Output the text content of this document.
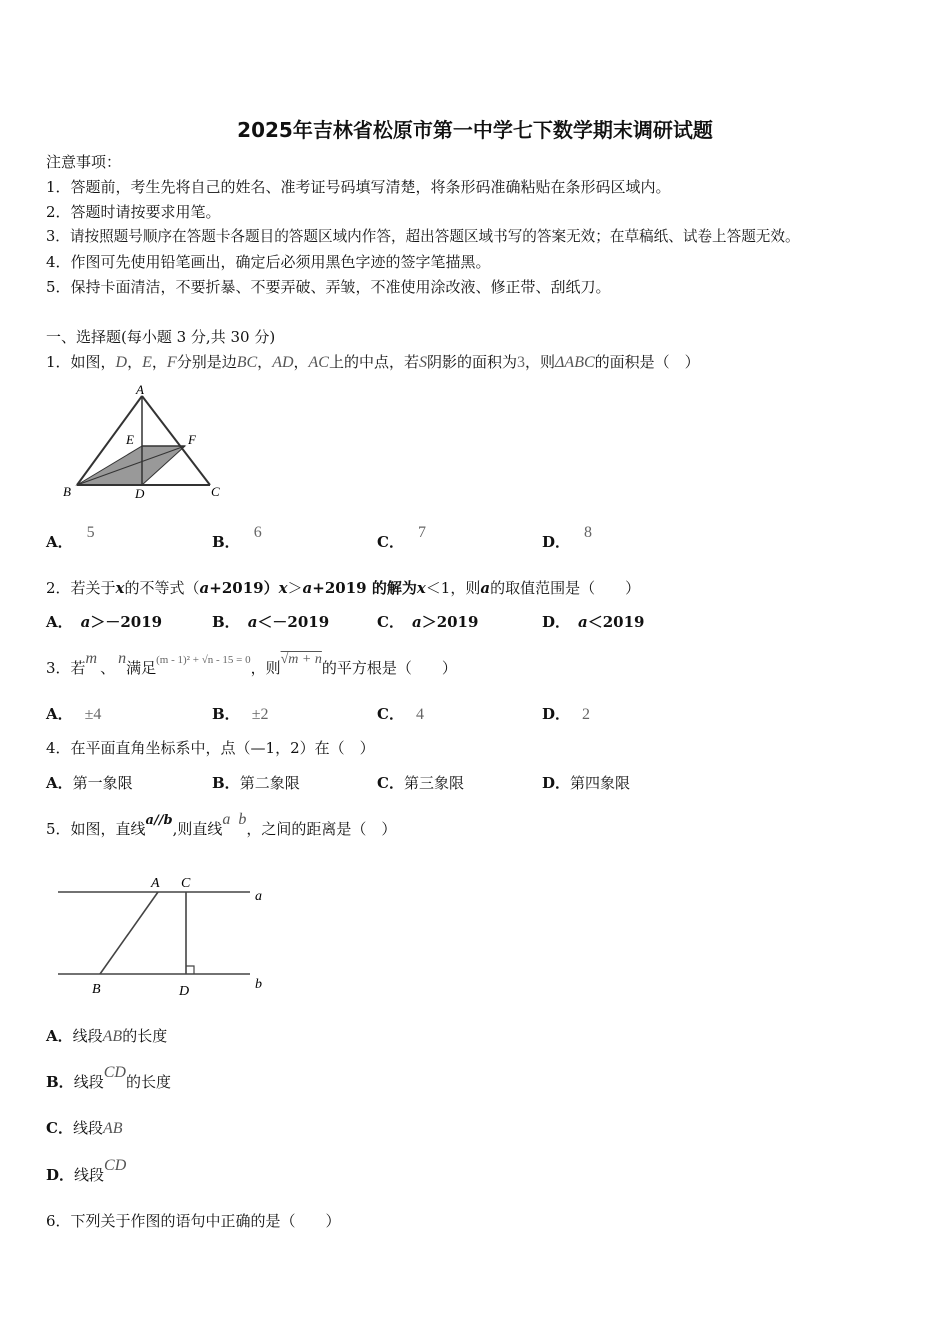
2025年吉林省松原市第一中学七下数学期末调研试题
注意事项：
1．答题前，考生先将自己的姓名、准考证号码填写清楚，将条形码准确粘贴在条形码区域内。
2．答题时请按要求用笔。
3．请按照题号顺序在答题卡各题目的答题区域内作答，超出答题区域书写的答案无效；在草稿纸、试卷上答题无效。
4．作图可先使用铅笔画出，确定后必须用黑色字迹的签字笔描黑。
5．保持卡面清洁，不要折暴、不要弄破、弄皱，不准使用涂改液、修正带、刮纸刀。
一、选择题(每小题 3 分,共 30 分)
1．如图，D，E，F分别是边BC，AD，AC上的中点，若S阴影的面积为3，则ΔABC的面积是（　）
A
B	C
D
E	F
A．5
B．6
C．7
D．8
2．若关于x的不等式（a+2019）x＞a+2019 的解为x＜1，则a的取值范围是（　　）
A． a＞－2019	B． a＜－2019	C． a＞2019	D． a＜2019
3．若m、n满足$^{(m - 1)^2 + √n - 15 = 0}$，则√m + n的平方根是（　　）
A． ±4	B． ±2	C． 4	D． 2
4．在平面直角坐标系中，点（—1，2）在（　）
A．第一象限	B．第二象限	C．第三象限	D．第四象限
5．如图，直线a//b,则直线a  b，之间的距离是（　）
A C
a
B	D	b
A．线段AB的长度
B．线段CD的长度
C．线段AB
D．线段CD
6．下列关于作图的语句中正确的是（　　）
